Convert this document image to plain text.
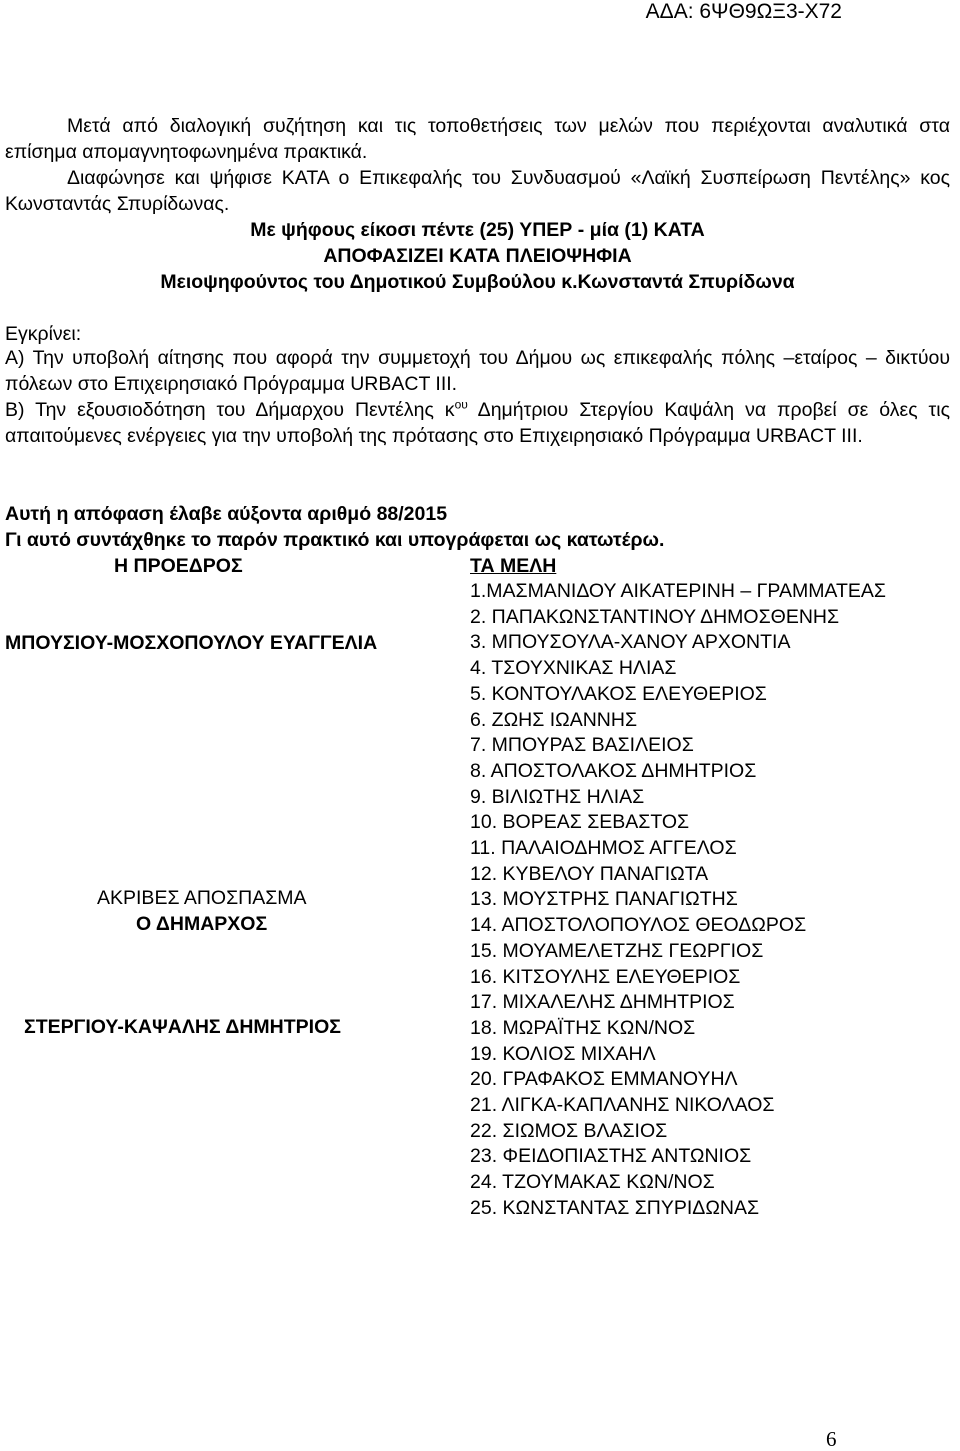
ΑΔΑ: 6ΨΘ9ΩΞ3-Χ72
Μετά από διαλογική συζήτηση και τις τοποθετήσεις των μελών που περιέχονται αναλυτικά στα επίσημα απομαγνητοφωνημένα πρακτικά.
Διαφώνησε και ψήφισε ΚΑΤΑ ο Επικεφαλής του Συνδυασμού «Λαϊκή Συσπείρωση Πεντέλης» κος Κωνσταντάς Σπυρίδωνας.
Με ψήφους είκοσι πέντε (25) ΥΠΕΡ - μία (1) ΚΑΤΑ
ΑΠΟΦΑΣΙΖΕΙ ΚΑΤΑ ΠΛΕΙΟΨΗΦΙΑ
Μειοψηφούντος του Δημοτικού Συμβούλου κ.Κωνσταντά Σπυρίδωνα
Εγκρίνει:
Α) Την υποβολή αίτησης που αφορά την συμμετοχή του Δήμου ως επικεφαλής πόλης –εταίρος – δικτύου πόλεων στο Επιχειρησιακό Πρόγραμμα URBACT III.
Β) Την εξουσιοδότηση του Δήμαρχου Πεντέλης $\kappa^{o\upsilon}$ Δημήτριου Στεργίου Καψάλη να προβεί σε όλες τις απαιτούμενες ενέργειες για την υποβολή της πρότασης στο Επιχειρησιακό Πρόγραμμα URBACT III.
Αυτή η απόφαση έλαβε αύξοντα αριθμό 88/2015
Γι αυτό συντάχθηκε το παρόν πρακτικό και υπογράφεται ως κατωτέρω.
Η ΠΡΟΕΔΡΟΣ	ΤΑ ΜΕΛΗ
ΜΠΟΥΣΙΟΥ-ΜΟΣΧΟΠΟΥΛΟΥ ΕΥΑΓΓΕΛΙΑ
ΑΚΡΙΒΕΣ ΑΠΟΣΠΑΣΜΑ
Ο ΔΗΜΑΡΧΟΣ
ΣΤΕΡΓΙΟΥ-ΚΑΨΑΛΗΣ ΔΗΜΗΤΡΙΟΣ
1.ΜΑΣΜΑΝΙΔΟΥ ΑΙΚΑΤΕΡΙΝΗ – ΓΡΑΜΜΑΤΕΑΣ
2. ΠΑΠΑΚΩΝΣΤΑΝΤΙΝΟΥ ΔΗΜΟΣΘΕΝΗΣ
3. ΜΠΟΥΣΟΥΛΑ-ΧΑΝΟΥ ΑΡΧΟΝΤΙΑ
4. ΤΣΟΥΧΝΙΚΑΣ ΗΛΙΑΣ
5. ΚΟΝΤΟΥΛΑΚΟΣ ΕΛΕΥΘΕΡΙΟΣ
6. ΖΩΗΣ ΙΩΑΝΝΗΣ
7. ΜΠΟΥΡΑΣ ΒΑΣΙΛΕΙΟΣ
8. ΑΠΟΣΤΟΛΑΚΟΣ ΔΗΜΗΤΡΙΟΣ
9. ΒΙΛΙΩΤΗΣ ΗΛΙΑΣ
10. ΒΟΡΕΑΣ ΣΕΒΑΣΤΟΣ
11. ΠΑΛΑΙΟΔΗΜΟΣ ΑΓΓΕΛΟΣ
12. ΚΥΒΕΛΟΥ ΠΑΝΑΓΙΩΤΑ
13. ΜΟΥΣΤΡΗΣ ΠΑΝΑΓΙΩΤΗΣ
14. ΑΠΟΣΤΟΛΟΠΟΥΛΟΣ ΘΕΟΔΩΡΟΣ
15. ΜΟΥΑΜΕΛΕΤΖΗΣ ΓΕΩΡΓΙΟΣ
16. ΚΙΤΣΟΥΛΗΣ ΕΛΕΥΘΕΡΙΟΣ
17. ΜΙΧΑΛΕΛΗΣ ΔΗΜΗΤΡΙΟΣ
18. ΜΩΡΑΪΤΗΣ ΚΩΝ/ΝΟΣ
19. ΚΟΛΙΟΣ ΜΙΧΑΗΛ
20. ΓΡΑΦΑΚΟΣ ΕΜΜΑΝΟΥΗΛ
21. ΛΙΓΚΑ-ΚΑΠΛΑΝΗΣ ΝΙΚΟΛΑΟΣ
22. ΣΙΩΜΟΣ ΒΛΑΣΙΟΣ
23. ΦΕΙΔΟΠΙΑΣΤΗΣ ΑΝΤΩΝΙΟΣ
24. ΤΖΟΥΜΑΚΑΣ ΚΩΝ/ΝΟΣ
25. ΚΩΝΣΤΑΝΤΑΣ ΣΠΥΡΙΔΩΝΑΣ
6
